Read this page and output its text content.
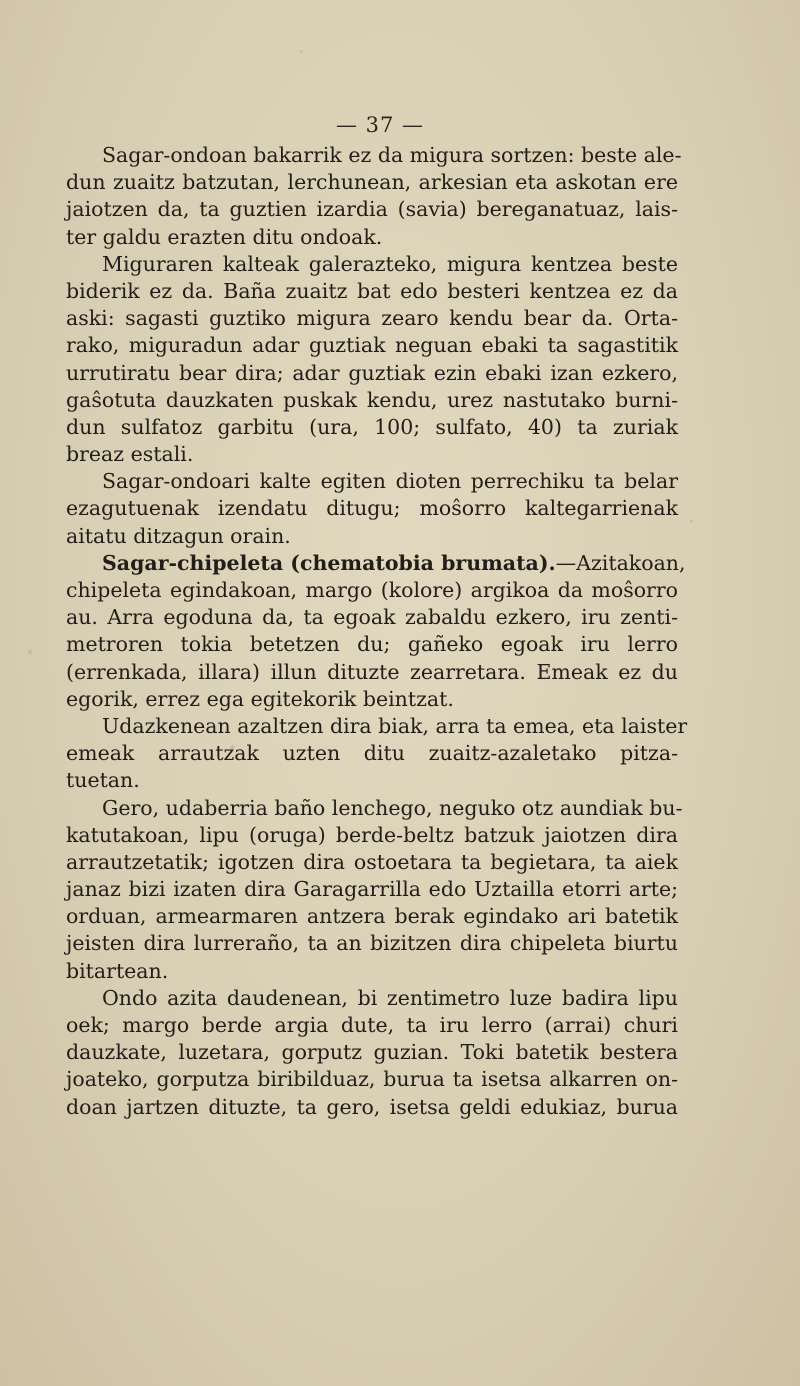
— 37 —
Sagar-ondoan bakarrik ez da migura sortzen: beste ale-
dun zuaitz batzutan, lerchunean, arkesian eta askotan ere
jaiotzen da, ta guztien izardia (savia) bereganatuaz, lais-
ter galdu erazten ditu ondoak.
Miguraren kalteak galerazteko, migura kentzea beste
biderik ez da. Baña zuaitz bat edo besteri kentzea ez da
aski: sagasti guztiko migura zearo kendu bear da. Orta-
rako, miguradun adar guztiak neguan ebaki ta sagastitik
urrutiratu bear dira; adar guztiak ezin ebaki izan ezkero,
gaŝotuta dauzkaten puskak kendu, urez nastutako burni-
dun sulfatoz garbitu (ura, 100; sulfato, 40) ta zuriak
breaz estali.
Sagar-ondoari kalte egiten dioten perrechiku ta belar
ezagutuenak izendatu ditugu; moŝorro kaltegarrienak
aitatu ditzagun orain.
Sagar-chipeleta (chematobia brumata).—Azitakoan,
chipeleta egindakoan, margo (kolore) argikoa da moŝorro
au. Arra egoduna da, ta egoak zabaldu ezkero, iru zenti-
metroren tokia betetzen du; gañeko egoak iru lerro
(errenkada, illara) illun dituzte zearretara. Emeak ez du
egorik, errez ega egitekorik beintzat.
Udazkenean azaltzen dira biak, arra ta emea, eta laister
emeak arrautzak uzten ditu zuaitz-azaletako pitza-
tuetan.
Gero, udaberria baño lenchego, neguko otz aundiak bu-
katutakoan, lipu (oruga) berde-beltz batzuk jaiotzen dira
arrautzetatik; igotzen dira ostoetara ta begietara, ta aiek
janaz bizi izaten dira Garagarrilla edo Uztailla etorri arte;
orduan, armearmaren antzera berak egindako ari batetik
jeisten dira lurreraño, ta an bizitzen dira chipeleta biurtu
bitartean.
Ondo azita daudenean, bi zentimetro luze badira lipu
oek; margo berde argia dute, ta iru lerro (arrai) churi
dauzkate, luzetara, gorputz guzian. Toki batetik bestera
joateko, gorputza biribilduaz, burua ta isetsa alkarren on-
doan jartzen dituzte, ta gero, isetsa geldi edukiaz, burua
